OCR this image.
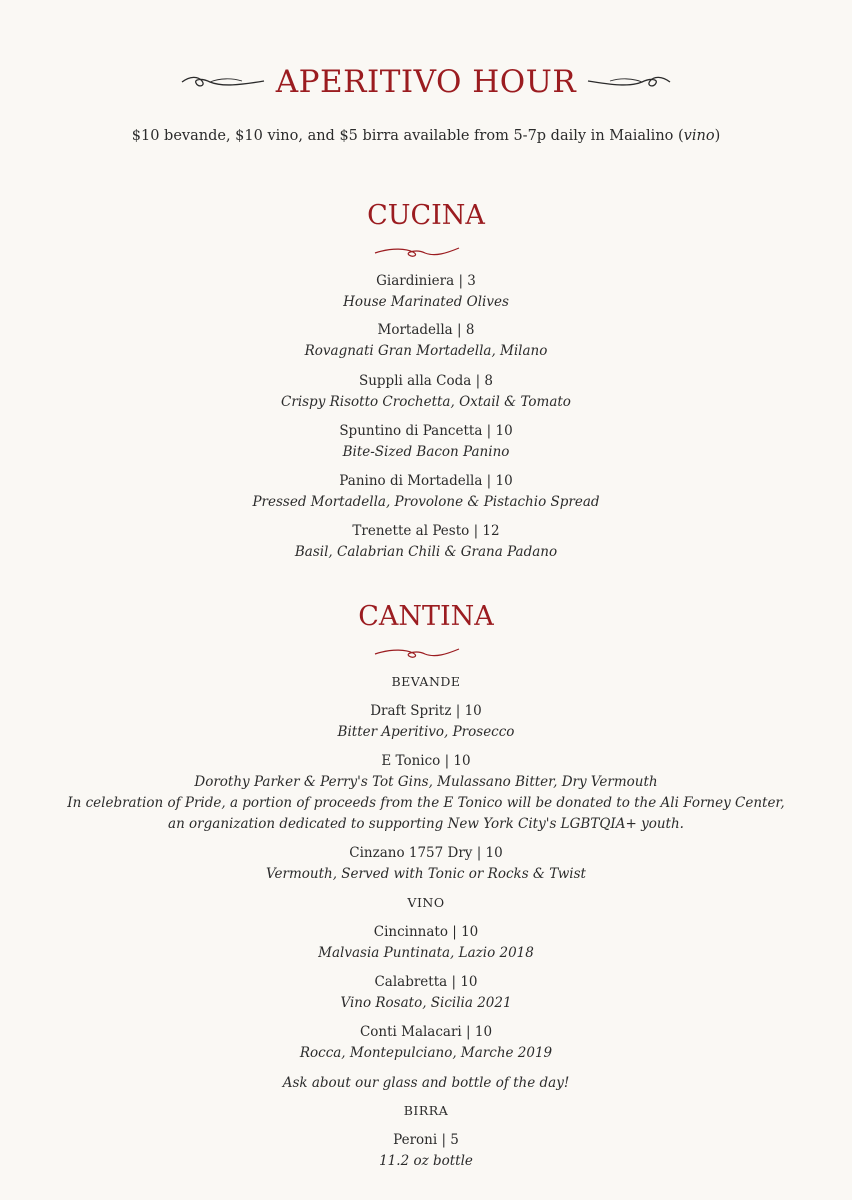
APERITIVO HOUR
$10 bevande, $10 vino, and $5 birra available from 5-7p daily in Maialino (vino)
CUCINA
Giardiniera | 3
House Marinated Olives
Mortadella | 8
Rovagnati Gran Mortadella, Milano
Suppli alla Coda | 8
Crispy Risotto Crochetta, Oxtail & Tomato
Spuntino di Pancetta | 10
Bite-Sized Bacon Panino
Panino di Mortadella | 10
Pressed Mortadella, Provolone & Pistachio Spread
Trenette al Pesto | 12
Basil, Calabrian Chili & Grana Padano
CANTINA
BEVANDE
Draft Spritz | 10
Bitter Aperitivo, Prosecco
E Tonico | 10
Dorothy Parker & Perry's Tot Gins, Mulassano Bitter, Dry Vermouth
In celebration of Pride, a portion of proceeds from the E Tonico will be donated to the Ali Forney Center,
an organization dedicated to supporting New York City's LGBTQIA+ youth.
Cinzano 1757 Dry | 10
Vermouth, Served with Tonic or Rocks & Twist
VINO
Cincinnato | 10
Malvasia Puntinata, Lazio 2018
Calabretta | 10
Vino Rosato, Sicilia 2021
Conti Malacari | 10
Rocca, Montepulciano, Marche 2019
Ask about our glass and bottle of the day!
BIRRA
Peroni | 5
11.2 oz bottle
